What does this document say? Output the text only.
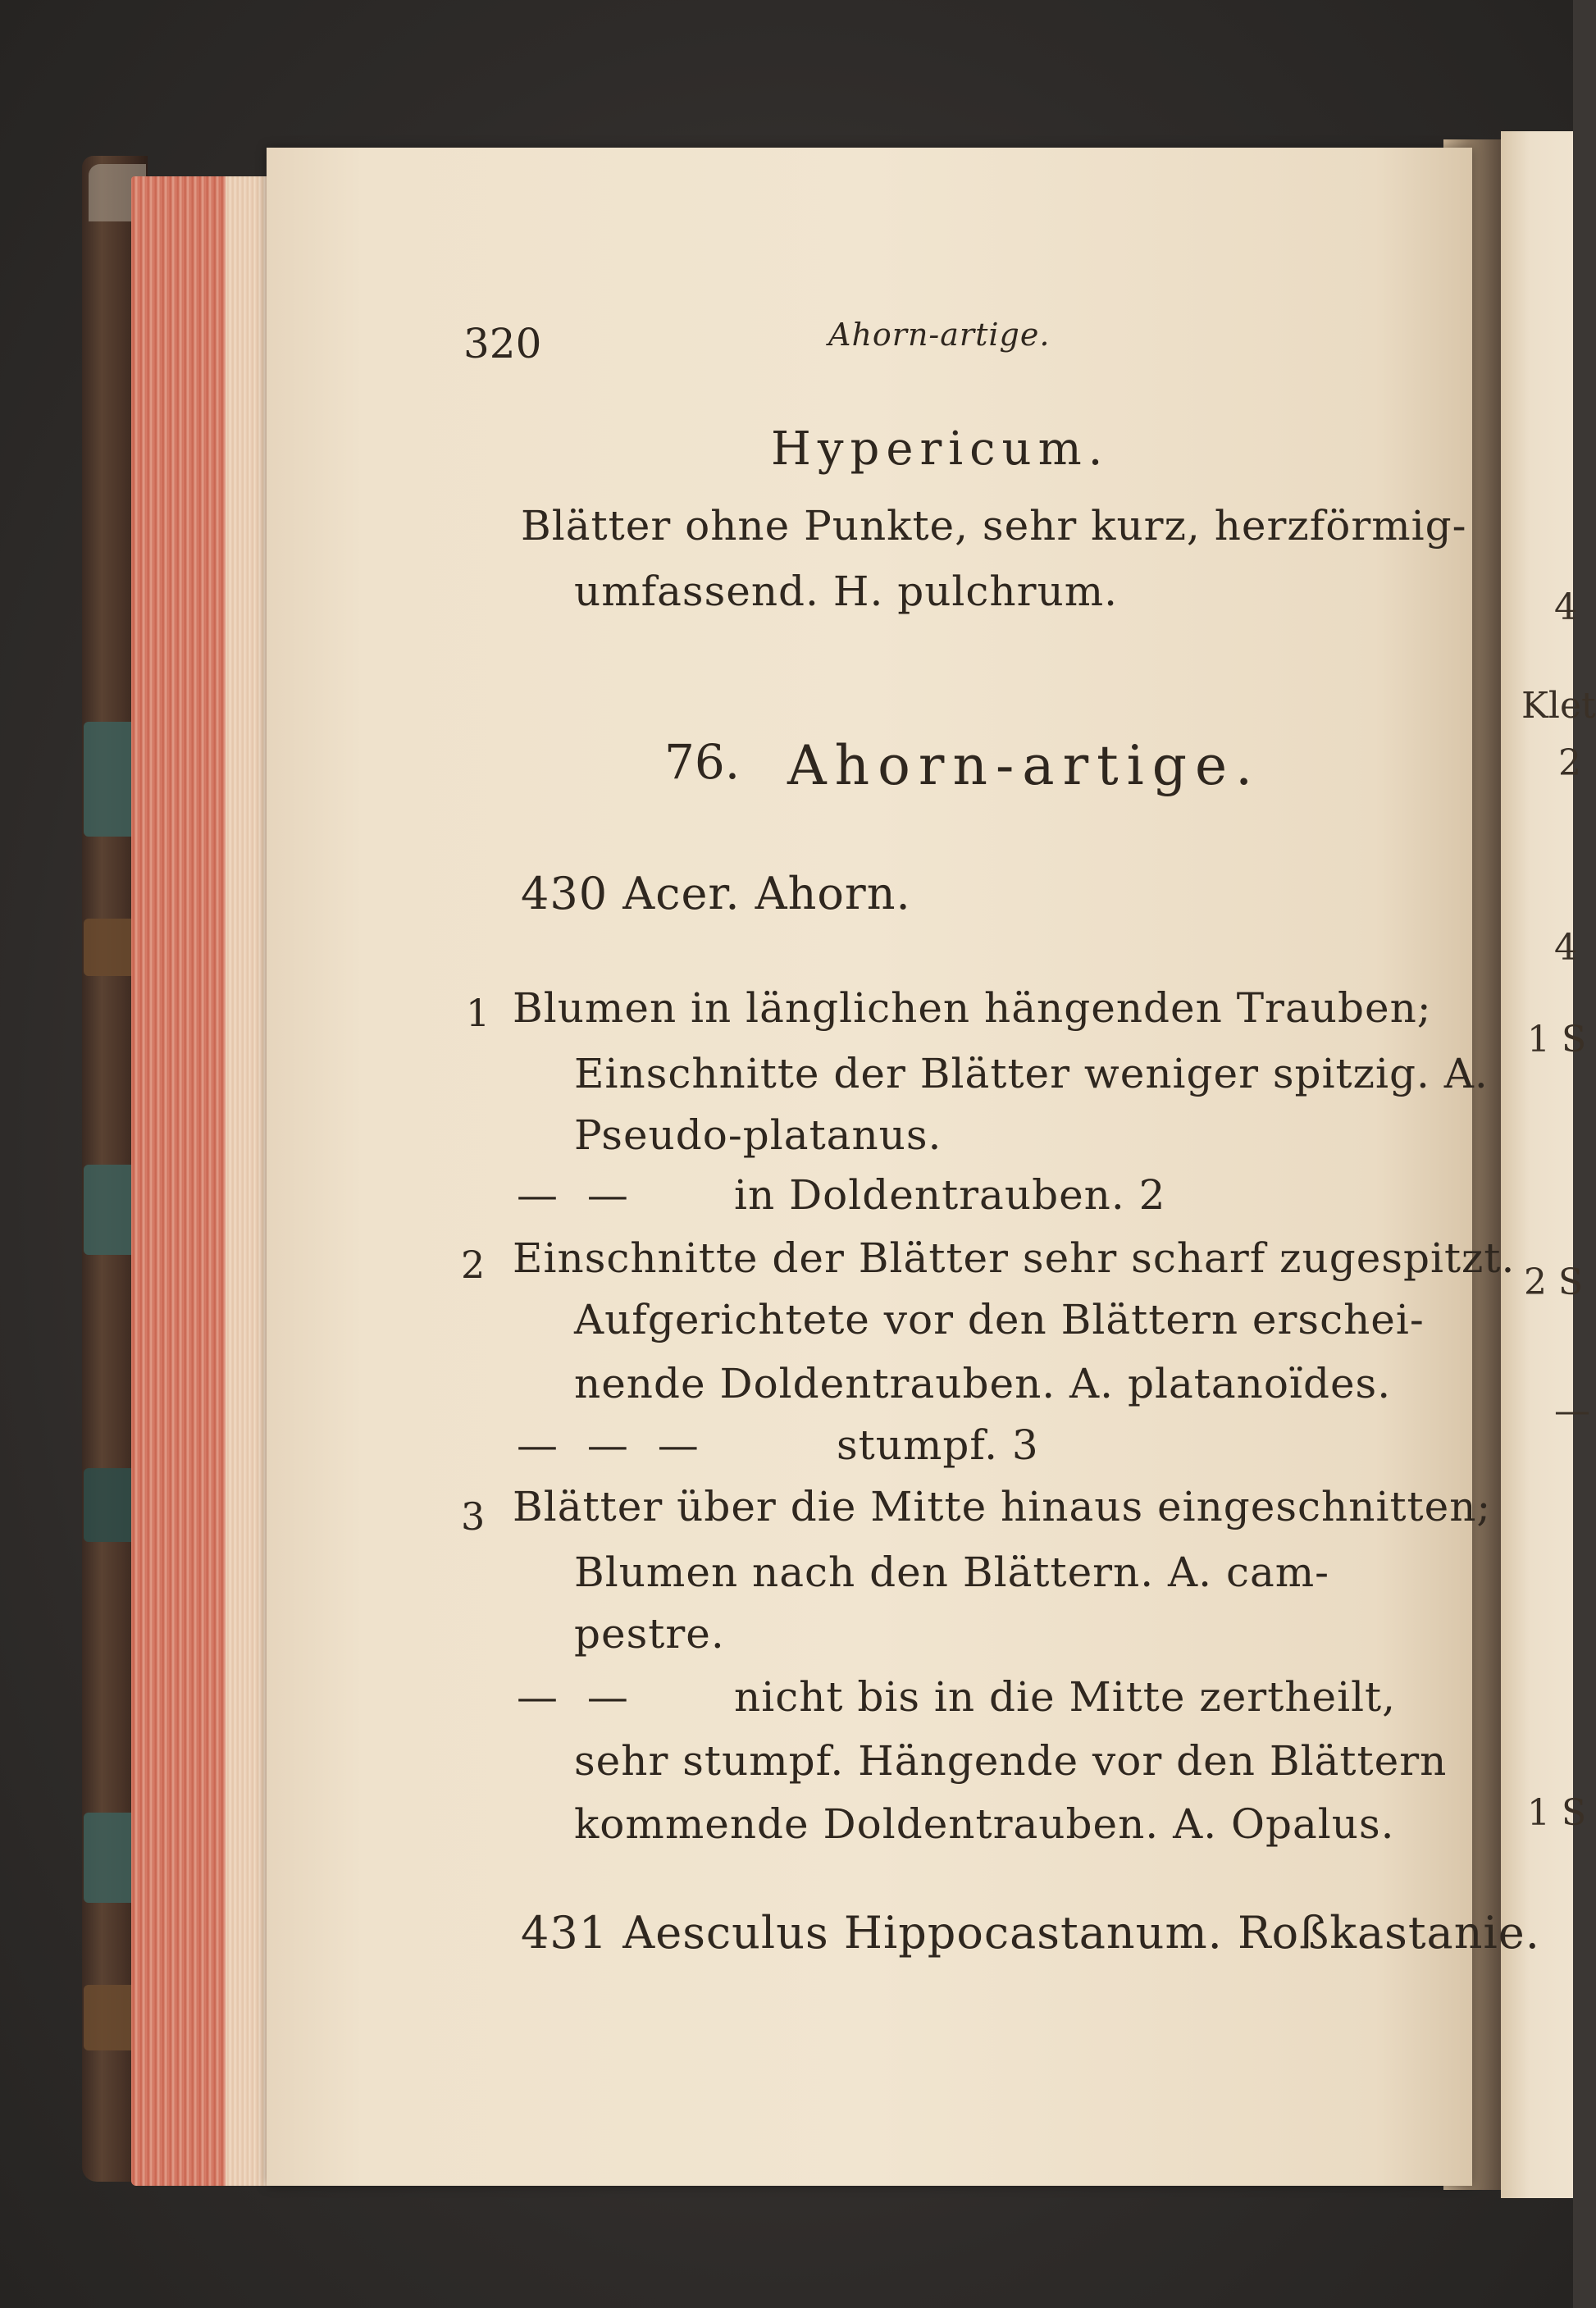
320	Ahorn-artige.
Hypericum.
Blätter ohne Punkte, sehr kurz, herzförmig-
umfassend. H. pulchrum.
76. Ahorn-artige.
430 Acer. Ahorn.
1 Blumen in länglichen hängenden Trauben;
Einschnitte der Blätter weniger spitzig. A.
Pseudo-platanus.
— — in Doldentrauben. 2
2 Einschnitte der Blätter sehr scharf zugespitzt.
Aufgerichtete vor den Blättern erschei-
nende Doldentrauben. A. platanoïdes.
— — —	stumpf. 3
3 Blätter über die Mitte hinaus eingeschnitten;
Blumen nach den Blättern. A. cam-
pestre.
— — nicht bis in die Mitte zertheilt,
sehr stumpf. Hängende vor den Blättern
kommende Doldentrauben. A. Opalus.
431 Aesculus Hippocastanum. Roßkastanie.
4
Klet
2
4
1 S
2 S
—
1 S
